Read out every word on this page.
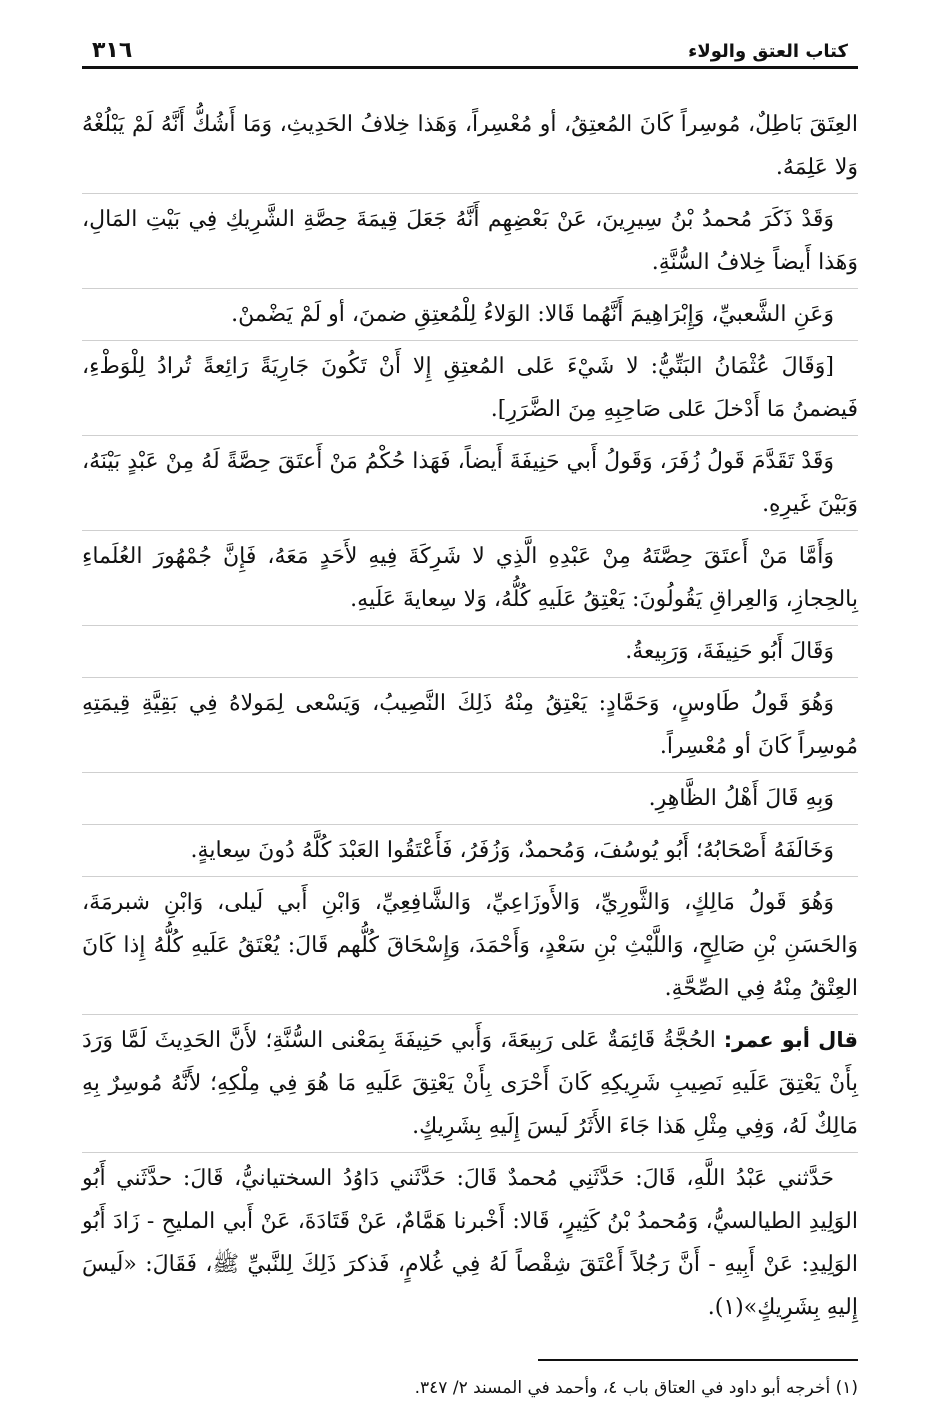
كتاب العتق والولاء
٣١٦

العِتَقَ بَاطِلٌ، مُوسِراً كَانَ المُعتِقُ، أو مُعْسِراً، وَهَذا خِلافُ الحَدِيثِ، وَمَا أَشُكُّ أَنَّهُ لَمْ يَبْلُغْهُ وَلا عَلِمَهُ.

وَقَدْ ذَكَرَ مُحمدُ بْنُ سِيرِينَ، عَنْ بَعْضِهِم أَنَّهُ جَعَلَ قِيمَةَ حِصَّةِ الشَّرِيكِ فِي بَيْتِ المَالِ، وَهَذا أَيضاً خِلافُ السُّنَّةِ.

وَعَنِ الشَّعبيِّ، وَإِبْرَاهِيمَ أَنَّهُما قَالا: الوَلاءُ لِلْمُعتِقِ ضمنَ، أو لَمْ يَضْمنْ.

[وَقَالَ عُثْمَانُ البَتِّيُّ: لا شَيْءَ عَلى المُعتِقِ إِلا أَنْ تَكُونَ جَارِيَةً رَائِعةً تُرادُ لِلْوَطْءِ، فَيضمنُ مَا أَدْخلَ عَلى صَاحِبِهِ مِنَ الضَّرَرِ].

وَقَدْ تَقَدَّمَ قَولُ زُفَرَ، وَقَولُ أَبي حَنِيفَةَ أَيضاً، فَهَذا حُكْمُ مَنْ أَعتَقَ حِصَّةً لَهُ مِنْ عَبْدٍ بَيْنَهُ، وَبَيْنَ غَيرِهِ.

وَأَمَّا مَنْ أَعتَقَ حِصَّتَهُ مِنْ عَبْدِهِ الَّذِي لا شَرِكَةَ فِيهِ لأَحَدٍ مَعَهُ، فَإِنَّ جُمْهُورَ العُلَماءِ بِالحِجازِ، وَالعِراقِ يَقُولُونَ: يَعْتِقُ عَلَيهِ كُلُّهُ، وَلا سِعايةَ عَلَيهِ.

وَقَالَ أَبُو حَنِيفَةَ، وَرَبِيعةُ.

وَهُوَ قَولُ طَاوسٍ، وَحَمَّادٍ: يَعْتِقُ مِنْهُ ذَلِكَ النَّصِيبُ، وَيَسْعى لِمَولاهُ فِي بَقِيَّةِ قِيمَتِهِ مُوسِراً كَانَ أو مُعْسِراً.

وَبِهِ قَالَ أَهْلُ الظَّاهِرِ.

وَخَالَفَهُ أَصْحَابُهُ؛ أَبُو يُوسُفَ، وَمُحمدٌ، وَزُفَرُ، فَأَعْتَقُوا العَبْدَ كُلَّهُ دُونَ سِعايةٍ.

وَهُوَ قَولُ مَالِكٍ، وَالثَّورِيِّ، وَالأَوزَاعِيِّ، وَالشَّافِعِيِّ، وَابْنِ أَبي لَيلى، وَابْنِ شبرمَةَ، وَالحَسَنِ بْنِ صَالِحٍ، وَاللَّيْثِ بْنِ سَعْدٍ، وَأَحْمَدَ، وَإِسْحَاقَ كُلُّهم قَالَ: يُعْتَقُ عَلَيهِ كُلُّهُ إِذا كَانَ العِتْقُ مِنْهُ فِي الصِّحَّةِ.

قال أبو عمر: الحُجَّةُ قَائِمَةٌ عَلى رَبِيعَةَ، وَأَبي حَنِيفَةَ بِمَعْنى السُّنَّةِ؛ لأَنَّ الحَدِيثَ لَمَّا وَرَدَ بِأَنْ يَعْتِقَ عَلَيهِ نَصِيبِ شَرِيكِهِ كَانَ أَحْرَى بِأَنْ يَعْتِقَ عَلَيهِ مَا هُوَ فِي مِلْكِهِ؛ لأَنَّهُ مُوسِرٌ بِهِ مَالِكٌ لَهُ، وَفِي مِثْلِ هَذا جَاءَ الأَثَرُ لَيسَ إِلَيهِ بِشَرِيكٍ.

حَدَّثني عَبْدُ اللَّهِ، قَالَ: حَدَّثَنِي مُحمدٌ قَالَ: حَدَّثَني دَاوُدُ السختيانيُّ، قَالَ: حدَّثَني أَبُو الوَلِيدِ الطيالسيُّ، وَمُحمدُ بْنُ كَثِيرٍ، قَالا: أَخْبرنا هَمَّامٌ، عَنْ قَتَادَةَ، عَنْ أَبي المليحِ - زَادَ أَبُو الوَلِيدِ: عَنْ أَبِيهِ - أَنَّ رَجُلاً أَعْتَقَ شِقْصاً لَهُ فِي غُلامٍ، فَذكرَ ذَلِكَ لِلنَّبيِّ ﷺ، فَقَالَ: «لَيسَ إِليهِ بِشَرِيكٍ»(١).

(١) أخرجه أبو داود في العتاق باب ٤، وأحمد في المسند ٢/ ٣٤٧.
